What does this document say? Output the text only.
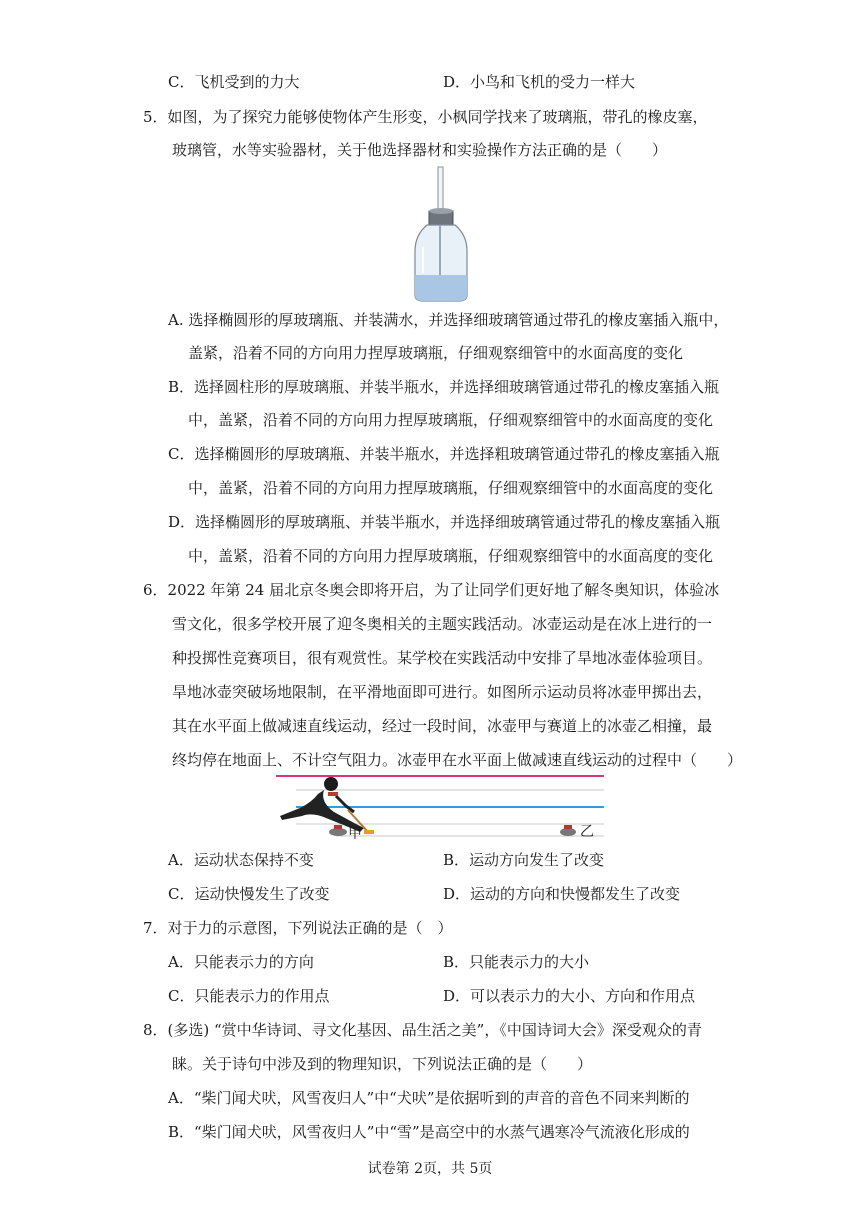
C．飞机受到的力大	D．小鸟和飞机的受力一样大
5．如图，为了探究力能够使物体产生形变，小枫同学找来了玻璃瓶，带孔的橡皮塞，
玻璃管，水等实验器材，关于他选择器材和实验操作方法正确的是（　　）
A. 选择椭圆形的厚玻璃瓶、并装满水，并选择细玻璃管通过带孔的橡皮塞插入瓶中，
盖紧，沿着不同的方向用力捏厚玻璃瓶，仔细观察细管中的水面高度的变化
B．选择圆柱形的厚玻璃瓶、并装半瓶水，并选择细玻璃管通过带孔的橡皮塞插入瓶
中，盖紧，沿着不同的方向用力捏厚玻璃瓶，仔细观察细管中的水面高度的变化
C．选择椭圆形的厚玻璃瓶、并装半瓶水，并选择粗玻璃管通过带孔的橡皮塞插入瓶
中，盖紧，沿着不同的方向用力捏厚玻璃瓶，仔细观察细管中的水面高度的变化
D．选择椭圆形的厚玻璃瓶、并装半瓶水，并选择细玻璃管通过带孔的橡皮塞插入瓶
中，盖紧，沿着不同的方向用力捏厚玻璃瓶，仔细观察细管中的水面高度的变化
6．2022 年第 24 届北京冬奥会即将开启，为了让同学们更好地了解冬奥知识，体验冰
雪文化，很多学校开展了迎冬奥相关的主题实践活动。冰壶运动是在冰上进行的一
种投掷性竞赛项目，很有观赏性。某学校在实践活动中安排了旱地冰壶体验项目。
旱地冰壶突破场地限制，在平滑地面即可进行。如图所示运动员将冰壶甲掷出去，
其在水平面上做减速直线运动，经过一段时间，冰壶甲与赛道上的冰壶乙相撞，最
终均停在地面上、不计空气阻力。冰壶甲在水平面上做减速直线运动的过程中（　　）
甲	乙
A．运动状态保持不变	B．运动方向发生了改变
C．运动快慢发生了改变	D．运动的方向和快慢都发生了改变
7．对于力的示意图，下列说法正确的是（　）
A．只能表示力的方向	B．只能表示力的大小
C．只能表示力的作用点	D．可以表示力的大小、方向和作用点
8．(多选) “赏中华诗词、寻文化基因、品生活之美”，《中国诗词大会》深受观众的青
睐。关于诗句中涉及到的物理知识，下列说法正确的是（　　）
A．“柴门闻犬吠，风雪夜归人”中“犬吠”是依据听到的声音的音色不同来判断的
B．“柴门闻犬吠，风雪夜归人”中“雪”是高空中的水蒸气遇寒冷气流液化形成的
试卷第 2页，共 5页
